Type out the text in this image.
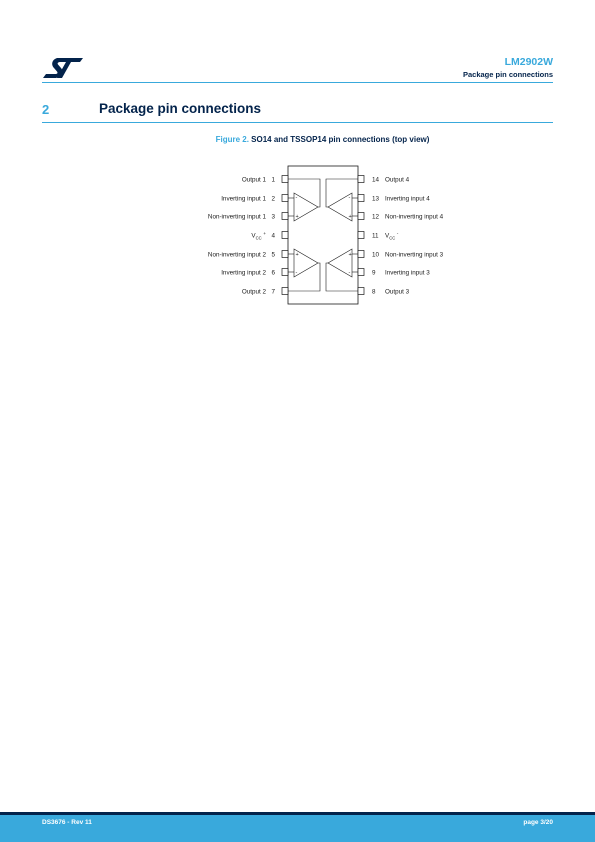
LM2902W
Package pin connections
2	Package pin connections
Figure 2. SO14 and TSSOP14 pin connections (top view)
1
Output 1
2
Inverting input 1
3
Non-inverting input 1
4
$V_{CC}^+$
5
Non-inverting input 2
6
Inverting input 2
7
Output 2
14 Output 4
13 Inverting input 4
12 Non-inverting input 4
11 $V_{CC}^-$
10 Non-inverting input 3
9 Inverting input 3
8 Output 3
-
+
-
+
+
-
+
-
DS3676 - Rev 11	page 3/20
